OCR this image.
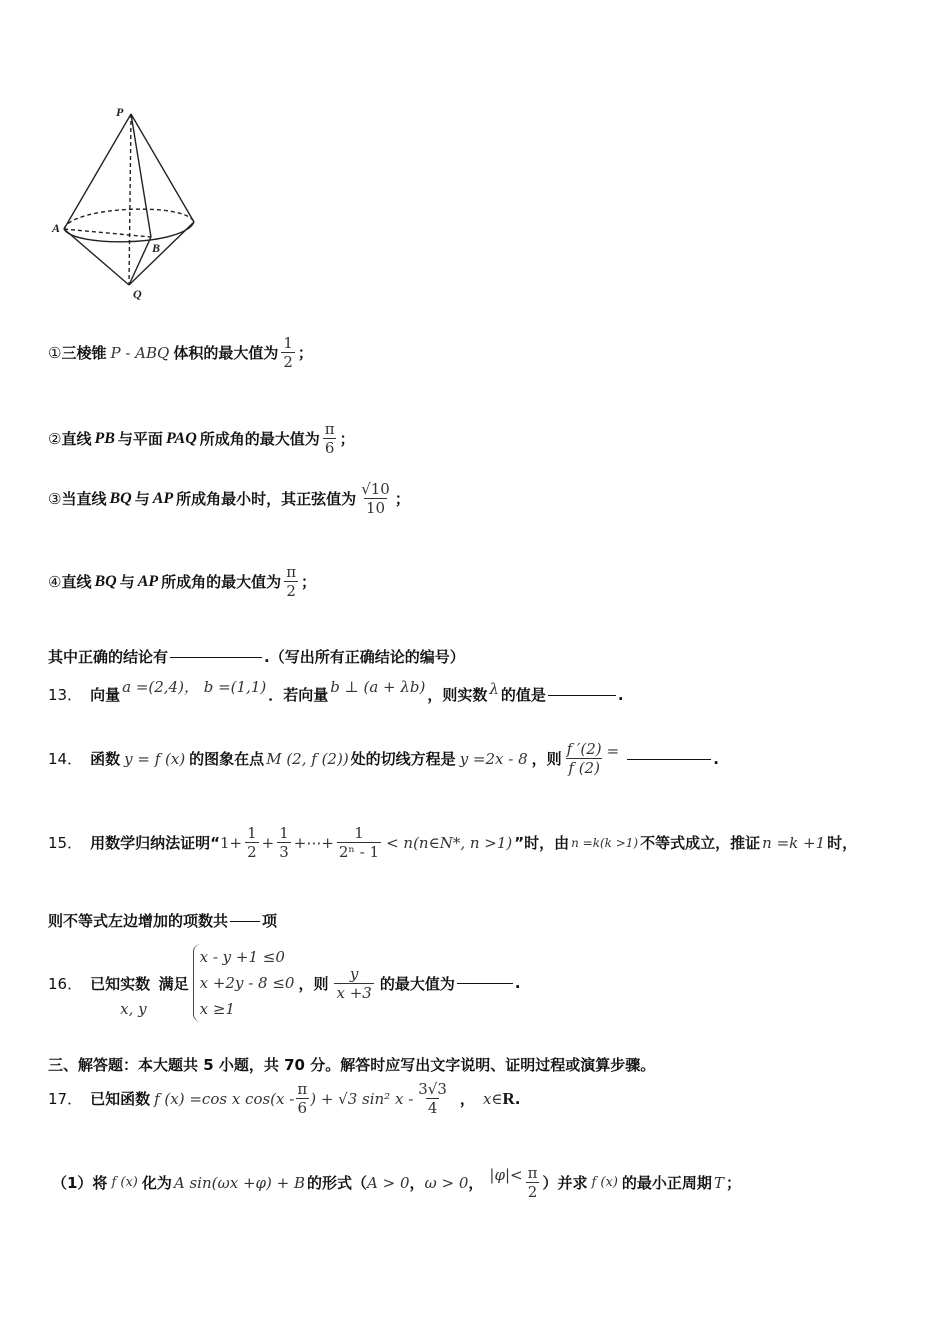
P
A
B
Q
① 三棱锥 P - ABQ 体积的最大值为 $\frac{1}{2}$ ；
② 直线 PB 与平面 PAQ 所成角的最大值为 $\frac{\pi}{6}$ ；
③ 当直线 BQ 与 AP 所成角最小时，其正弦值为 $\frac{√10}{10}$ ；
④ 直线 BQ 与 AP 所成角的最大值为 $\frac{\pi}{2}$ ；
其中正确的结论有	.（写出所有正确结论的编号）
13． 向量 a =(2,4)， b =(1,1) ．若向量 b ⊥ (a + λb) ，则实数 λ 的值是	.
14． 函数 y = f (x) 的图象在点 M (2, f (2)) 处的切线方程是 y =2x - 8 ，则 $\frac{f '(2)}{f (2)}$ =	.
15． 用数学归纳法证明“ $1+ \frac{1}{2} + \frac{1}{3}$ +⋯+ $\frac{1}{\text{2ⁿ - 1}}$ < n(n∈N*, n >1) ”时，由 n =k(k >1) 不等式成立，推证 n =k +1 时，
则不等式左边增加的项数共 项
16． 已知实数
x, y
满足
x - y +1 ≤0
x +2y - 8 ≤0
x ≥1
，则 $\frac{y}{x +3}$ 的最大值为	.
三、解答题：本大题共 5 小题，共 70 分。解答时应写出文字说明、证明过程或演算步骤。
17． 已知函数 f (x) =cos x $\cos(x - \frac{\pi}{6}$ ) + √3 sin² x - $\frac{3√3}{4}$ ， x∈ R .
（1）将 f (x) 化为 A sin(ωx +φ) + B 的形式（ A > 0 ， ω > 0 ， $|\varphi|< \frac{\pi}{2}$ ）并求 f (x) 的最小正周期 T ；
